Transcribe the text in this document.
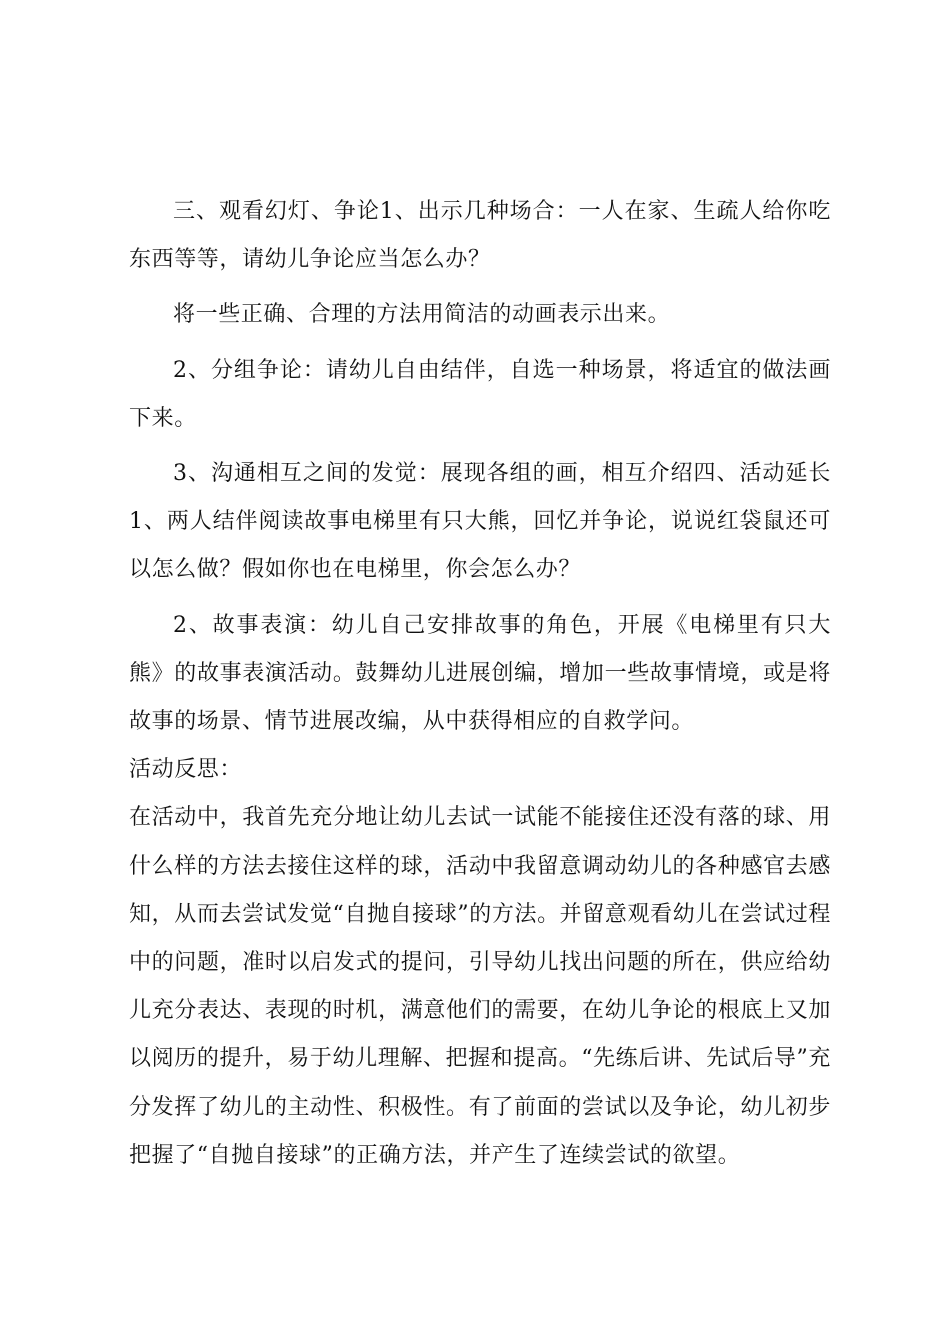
三、观看幻灯、争论1、出示几种场合：一人在家、生疏人给你吃东西等等，请幼儿争论应当怎么办？

将一些正确、合理的方法用简洁的动画表示出来。

2、分组争论：请幼儿自由结伴，自选一种场景，将适宜的做法画下来。

3、沟通相互之间的发觉：展现各组的画，相互介绍四、活动延长1、两人结伴阅读故事电梯里有只大熊，回忆并争论，说说红袋鼠还可以怎么做？假如你也在电梯里，你会怎么办？

2、故事表演：幼儿自己安排故事的角色，开展《电梯里有只大熊》的故事表演活动。鼓舞幼儿进展创编，增加一些故事情境，或是将故事的场景、情节进展改编，从中获得相应的自救学问。

活动反思：

在活动中，我首先充分地让幼儿去试一试能不能接住还没有落的球、用什么样的方法去接住这样的球，活动中我留意调动幼儿的各种感官去感知，从而去尝试发觉“自抛自接球”的方法。并留意观看幼儿在尝试过程中的问题，准时以启发式的提问，引导幼儿找出问题的所在，供应给幼儿充分表达、表现的时机，满意他们的需要，在幼儿争论的根底上又加以阅历的提升，易于幼儿理解、把握和提高。“先练后讲、先试后导”充分发挥了幼儿的主动性、积极性。有了前面的尝试以及争论，幼儿初步把握了“自抛自接球”的正确方法，并产生了连续尝试的欲望。
